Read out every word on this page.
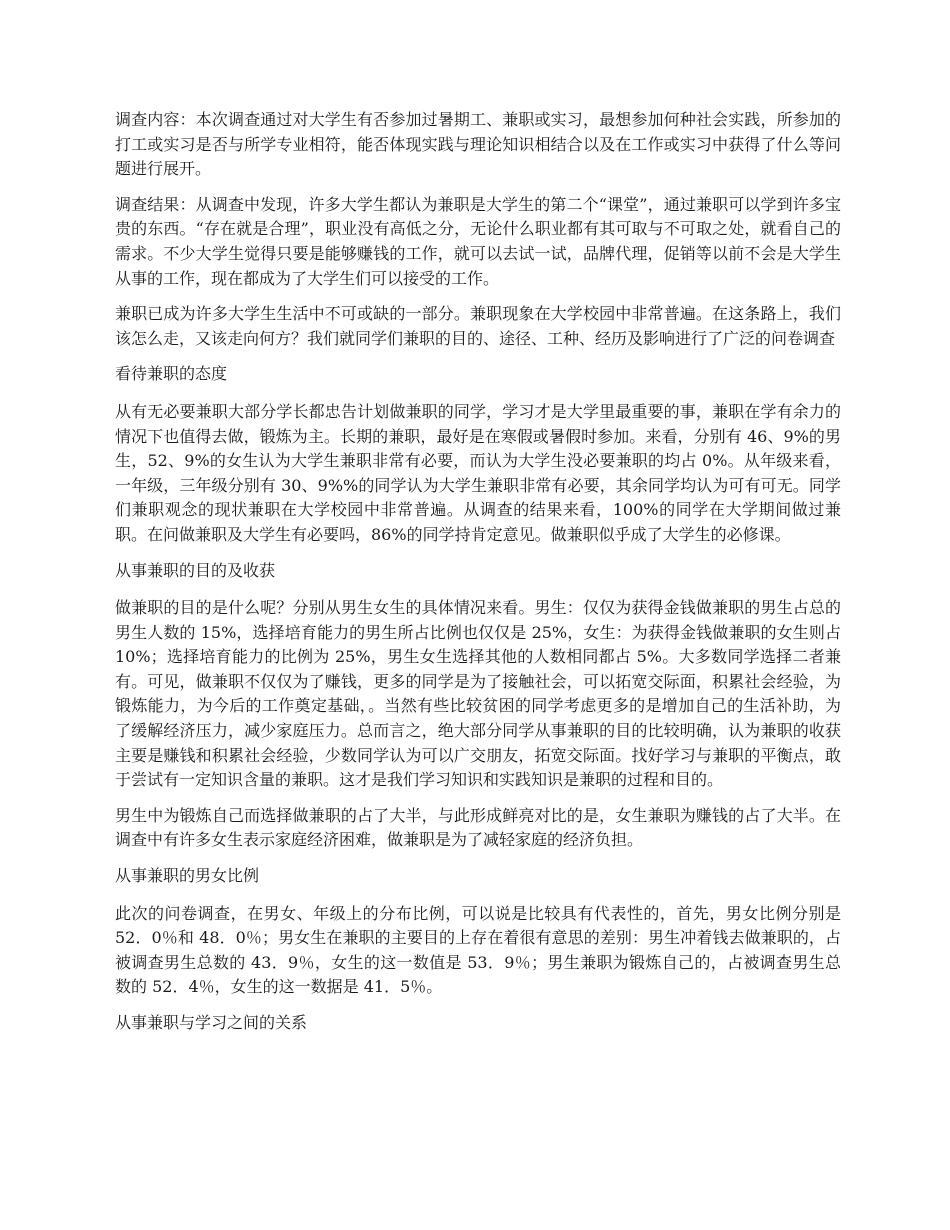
调查内容：本次调查通过对大学生有否参加过暑期工、兼职或实习，最想参加何种社会实践，所参加的打工或实习是否与所学专业相符，能否体现实践与理论知识相结合以及在工作或实习中获得了什么等问题进行展开。

调查结果：从调查中发现，许多大学生都认为兼职是大学生的第二个“课堂”，通过兼职可以学到许多宝贵的东西。“存在就是合理”，职业没有高低之分，无论什么职业都有其可取与不可取之处，就看自己的需求。不少大学生觉得只要是能够赚钱的工作，就可以去试一试，品牌代理，促销等以前不会是大学生从事的工作，现在都成为了大学生们可以接受的工作。

兼职已成为许多大学生生活中不可或缺的一部分。兼职现象在大学校园中非常普遍。在这条路上，我们该怎么走，又该走向何方？我们就同学们兼职的目的、途径、工种、经历及影响进行了广泛的问卷调查

看待兼职的态度

从有无必要兼职大部分学长都忠告计划做兼职的同学，学习才是大学里最重要的事，兼职在学有余力的情况下也值得去做，锻炼为主。长期的兼职，最好是在寒假或暑假时参加。来看，分别有 46、9%的男生，52、9%的女生认为大学生兼职非常有必要，而认为大学生没必要兼职的均占 0%。从年级来看，一年级，三年级分别有 30、9%%的同学认为大学生兼职非常有必要，其余同学均认为可有可无。同学们兼职观念的现状兼职在大学校园中非常普遍。从调查的结果来看，100%的同学在大学期间做过兼职。在问做兼职及大学生有必要吗，86%的同学持肯定意见。做兼职似乎成了大学生的必修课。

从事兼职的目的及收获

做兼职的目的是什么呢？分别从男生女生的具体情况来看。男生：仅仅为获得金钱做兼职的男生占总的男生人数的 15%，选择培育能力的男生所占比例也仅仅是 25%，女生：为获得金钱做兼职的女生则占 10%；选择培育能力的比例为 25%，男生女生选择其他的人数相同都占 5%。大多数同学选择二者兼有。可见，做兼职不仅仅为了赚钱，更多的同学是为了接触社会，可以拓宽交际面，积累社会经验，为锻炼能力，为今后的工作奠定基础，。当然有些比较贫困的同学考虑更多的是增加自己的生活补助，为了缓解经济压力，减少家庭压力。总而言之，绝大部分同学从事兼职的目的比较明确，认为兼职的收获主要是赚钱和积累社会经验，少数同学认为可以广交朋友，拓宽交际面。找好学习与兼职的平衡点，敢于尝试有一定知识含量的兼职。这才是我们学习知识和实践知识是兼职的过程和目的。

男生中为锻炼自己而选择做兼职的占了大半，与此形成鲜亮对比的是，女生兼职为赚钱的占了大半。在调查中有许多女生表示家庭经济困难，做兼职是为了减轻家庭的经济负担。

从事兼职的男女比例

此次的问卷调查，在男女、年级上的分布比例，可以说是比较具有代表性的，首先，男女比例分别是 52．0％和 48．0％；男女生在兼职的主要目的上存在着很有意思的差别：男生冲着钱去做兼职的，占被调查男生总数的 43．9％，女生的这一数值是 53．9％；男生兼职为锻炼自己的，占被调查男生总数的 52．4％，女生的这一数据是 41．5％。

从事兼职与学习之间的关系
